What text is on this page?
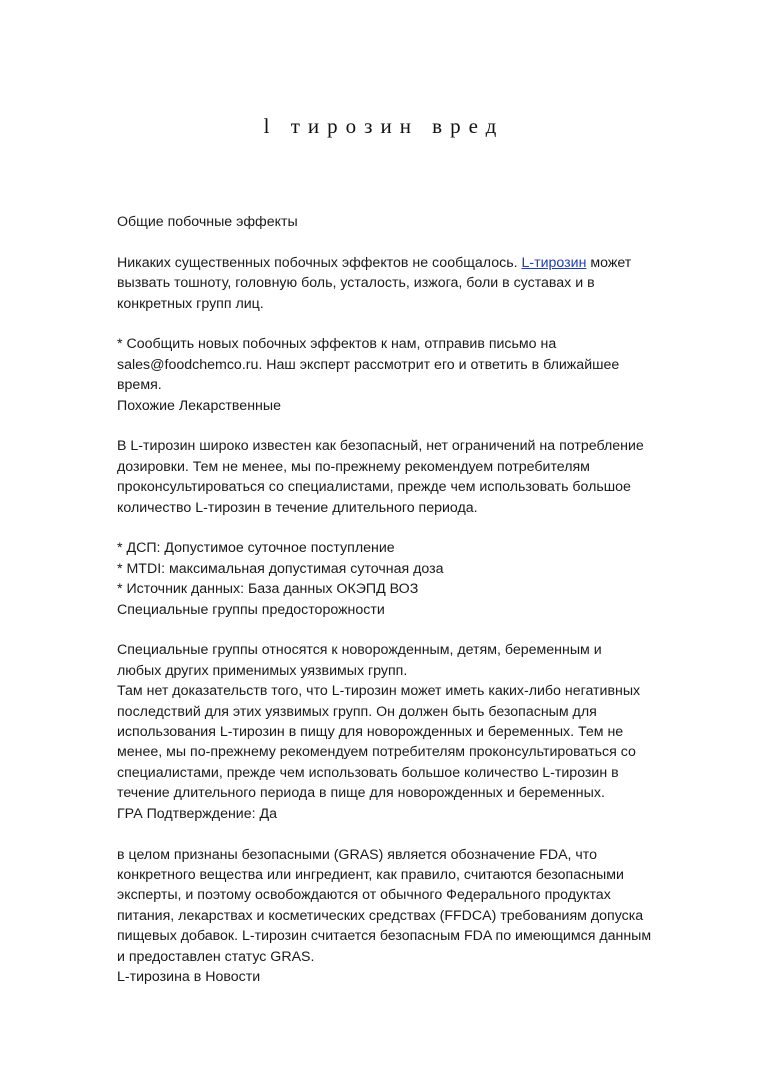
l тирозин вред

Общие побочные эффекты

Никаких существенных побочных эффектов не сообщалось. L-тирозин может

вызвать тошноту, головную боль, усталость, изжога, боли в суставах и в

конкретных групп лиц.

* Сообщить новых побочных эффектов к нам, отправив письмо на

sales@foodchemco.ru. Наш эксперт рассмотрит его и ответить в ближайшее

время.

Похожие Лекарственные

В L-тирозин широко известен как безопасный, нет ограничений на потребление

дозировки. Тем не менее, мы по-прежнему рекомендуем потребителям

проконсультироваться со специалистами, прежде чем использовать большое

количество L-тирозин в течение длительного периода.

* ДСП: Допустимое суточное поступление

* MTDI: максимальная допустимая суточная доза

* Источник данных: База данных ОКЭПД ВОЗ

Специальные группы предосторожности

Специальные группы относятся к новорожденным, детям, беременным и

любых других применимых уязвимых групп.

Там нет доказательств того, что L-тирозин может иметь каких-либо негативных

последствий для этих уязвимых групп. Он должен быть безопасным для

использования L-тирозин в пищу для новорожденных и беременных. Тем не

менее, мы по-прежнему рекомендуем потребителям проконсультироваться со

специалистами, прежде чем использовать большое количество L-тирозин в

течение длительного периода в пище для новорожденных и беременных.

ГРА Подтверждение: Да

в целом признаны безопасными (GRAS) является обозначение FDA, что

конкретного вещества или ингредиент, как правило, считаются безопасными

эксперты, и поэтому освобождаются от обычного Федерального продуктах

питания, лекарствах и косметических средствах (FFDCA) требованиям допуска

пищевых добавок. L-тирозин считается безопасным FDA по имеющимся данным

и предоставлен статус GRAS.

L-тирозина в Новости
